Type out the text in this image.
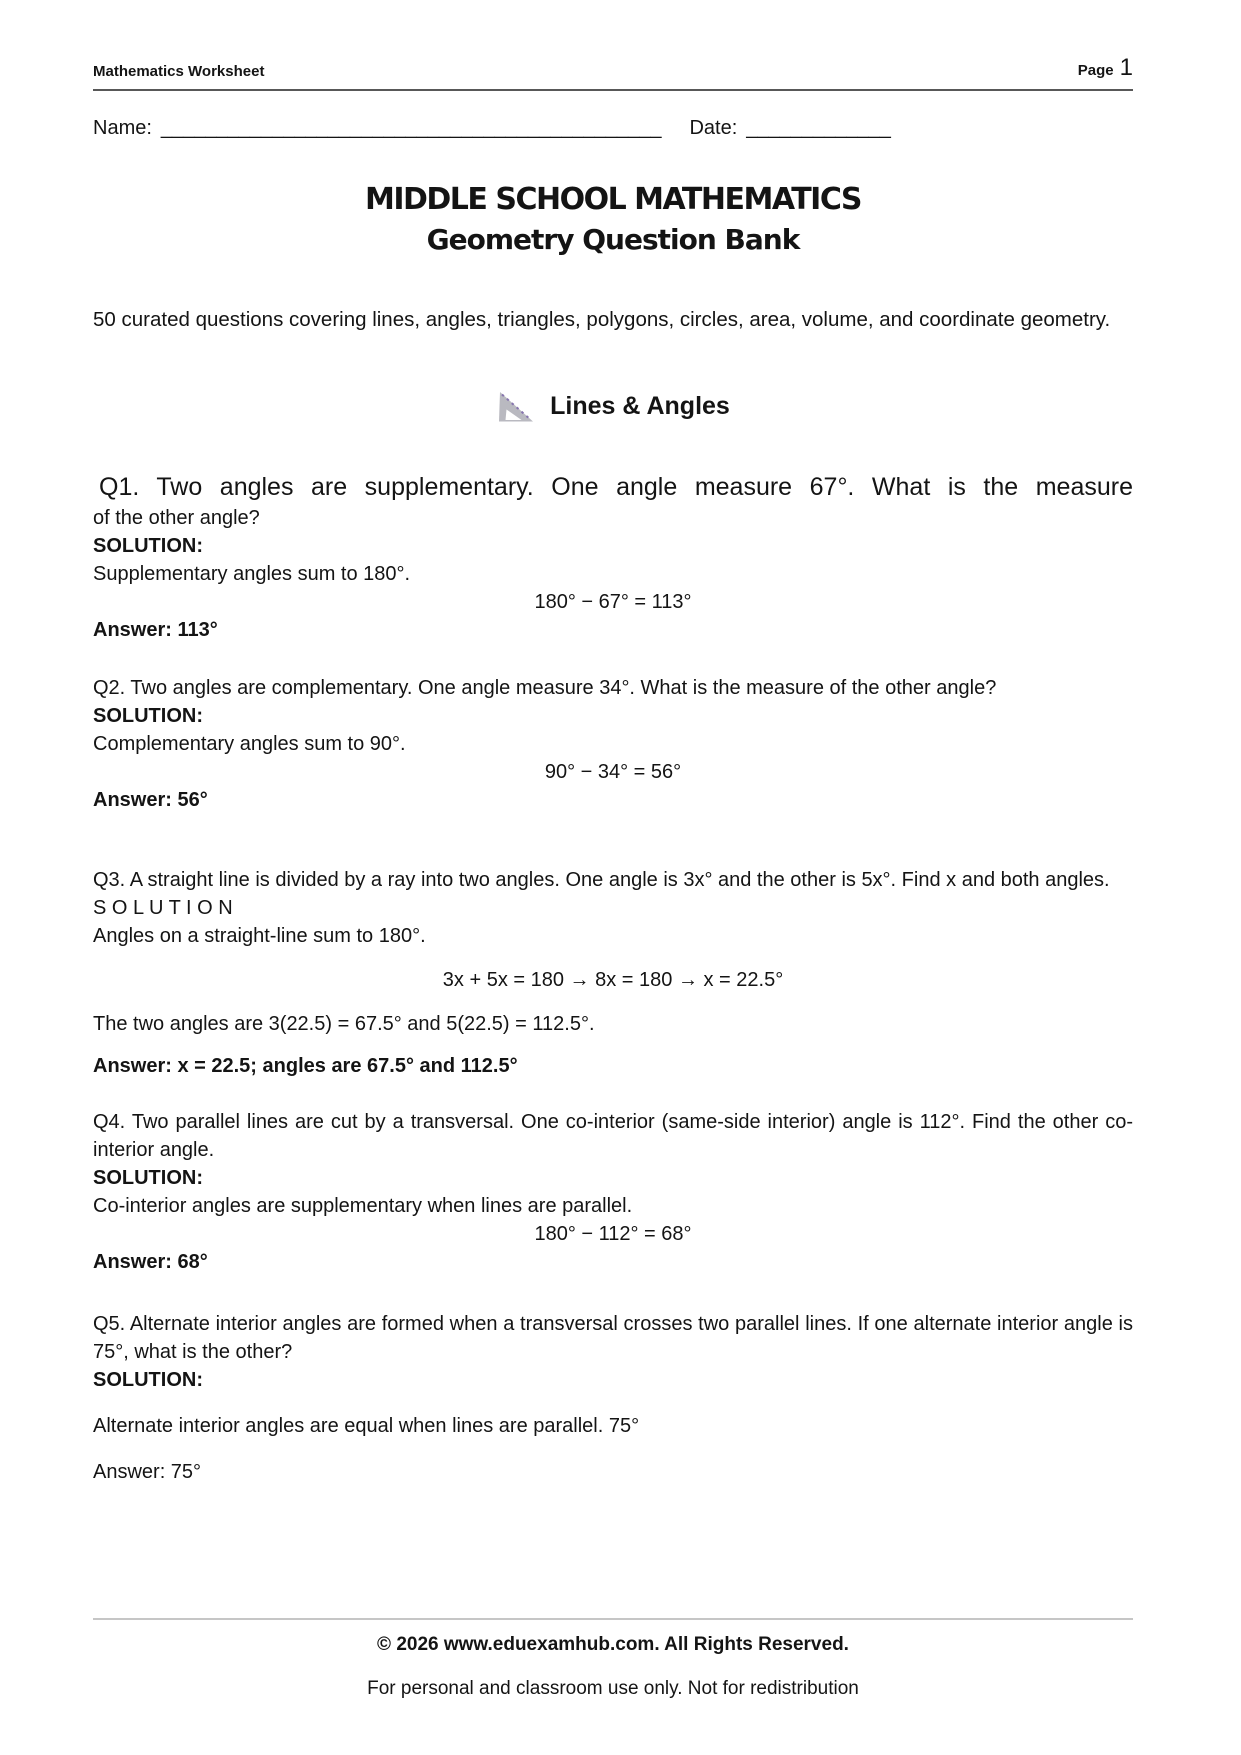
Mathematics Worksheet	Page 1
Name: _____________________________________________ Date: _____________
MIDDLE SCHOOL MATHEMATICS
Geometry Question Bank
50 curated questions covering lines, angles, triangles, polygons, circles, area, volume, and coordinate geometry.
Lines & Angles
Q1. Two angles are supplementary. One angle measure 67°. What is the measure
of the other angle?
SOLUTION:
Supplementary angles sum to 180°.
180° − 67° = 113°
Answer: 113°
Q2. Two angles are complementary. One angle measure 34°. What is the measure of the other angle?
SOLUTION:
Complementary angles sum to 90°.
90° − 34° = 56°
Answer: 56°
Q3. A straight line is divided by a ray into two angles. One angle is 3x° and the other is 5x°. Find x and both angles.
S O L U T I O N
Angles on a straight-line sum to 180°.
3x + 5x = 180 → 8x = 180 → x = 22.5°
The two angles are 3(22.5) = 67.5° and 5(22.5) = 112.5°.
Answer: x = 22.5; angles are 67.5° and 112.5°
Q4. Two parallel lines are cut by a transversal. One co-interior (same-side interior) angle is 112°. Find the other co-interior angle.
SOLUTION:
Co-interior angles are supplementary when lines are parallel.
180° − 112° = 68°
Answer: 68°
Q5. Alternate interior angles are formed when a transversal crosses two parallel lines. If one alternate interior angle is 75°, what is the other?
SOLUTION:
Alternate interior angles are equal when lines are parallel. 75°
Answer: 75°
© 2026 www.eduexamhub.com. All Rights Reserved.
For personal and classroom use only. Not for redistribution
